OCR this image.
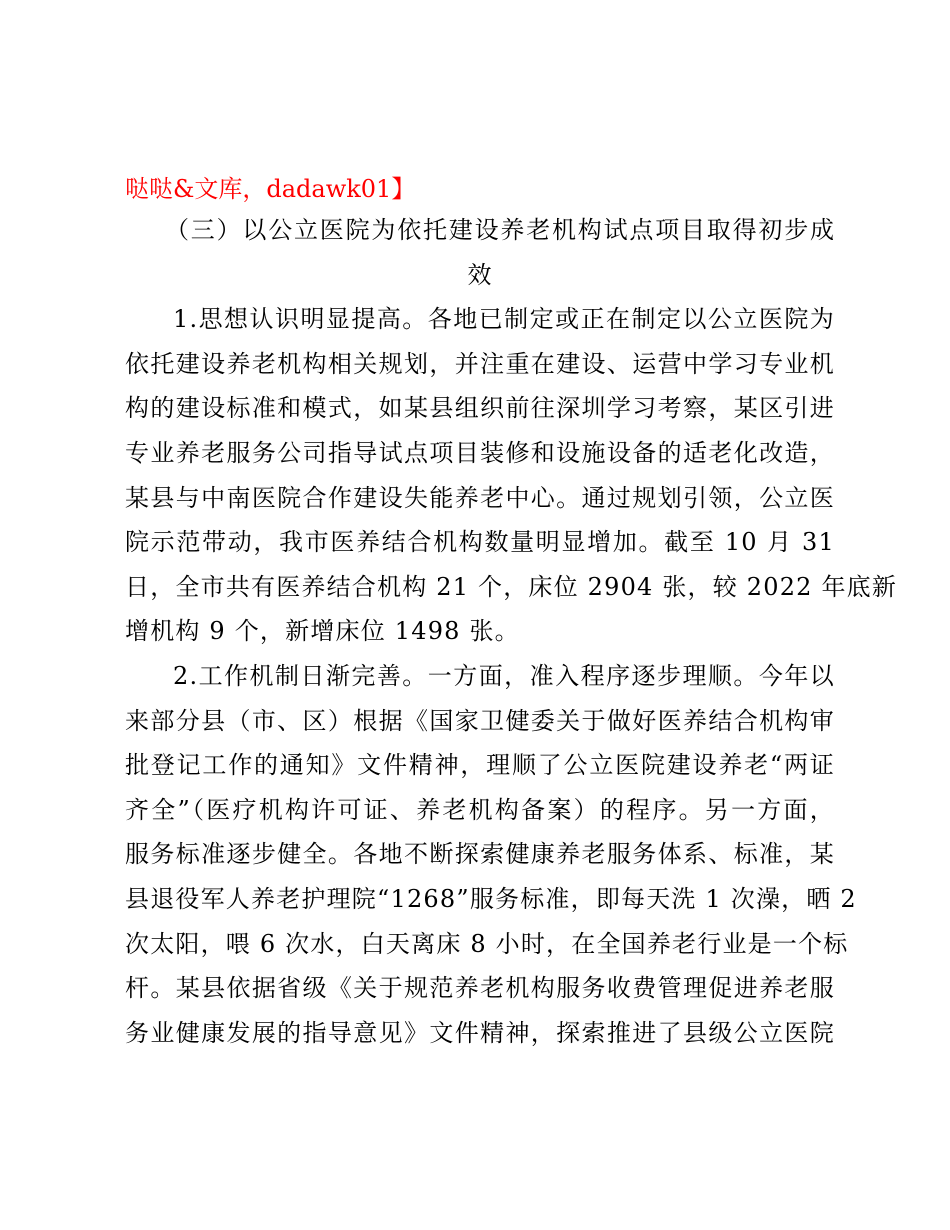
哒哒&文库，dadawk01】
（三）以公立医院为依托建设养老机构试点项目取得初步成
效
1.思想认识明显提高。各地已制定或正在制定以公立医院为
依托建设养老机构相关规划，并注重在建设、运营中学习专业机
构的建设标准和模式，如某县组织前往深圳学习考察，某区引进
专业养老服务公司指导试点项目装修和设施设备的适老化改造，
某县与中南医院合作建设失能养老中心。通过规划引领，公立医
院示范带动，我市医养结合机构数量明显增加。截至 10 月 31
日，全市共有医养结合机构 21 个，床位 2904 张，较 2022 年底新
增机构 9 个，新增床位 1498 张。
2.工作机制日渐完善。一方面，准入程序逐步理顺。今年以
来部分县（市、区）根据《国家卫健委关于做好医养结合机构审
批登记工作的通知》文件精神，理顺了公立医院建设养老“两证
齐全”（医疗机构许可证、养老机构备案）的程序。另一方面，
服务标准逐步健全。各地不断探索健康养老服务体系、标准，某
县退役军人养老护理院“1268”服务标准，即每天洗 1 次澡，晒 2
次太阳，喂 6 次水，白天离床 8 小时，在全国养老行业是一个标
杆。某县依据省级《关于规范养老机构服务收费管理促进养老服
务业健康发展的指导意见》文件精神，探索推进了县级公立医院
